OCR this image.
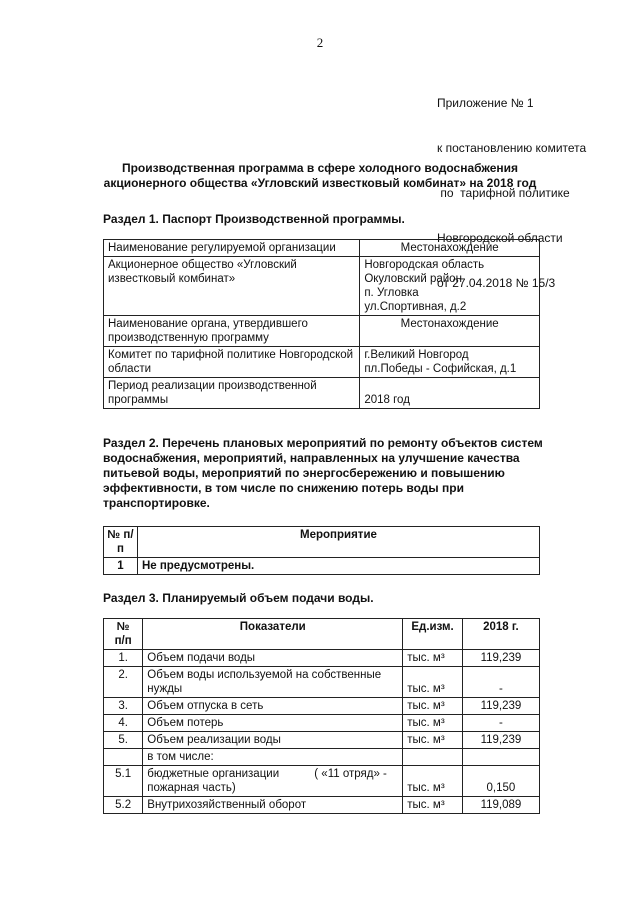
2

Приложение № 1

к постановлению комитета

по  тарифной политике

Новгородской области

от 27.04.2018 № 15/3

Производственная программа в сфере холодного водоснабжения
акционерного общества «Угловский известковый комбинат» на 2018 год
Раздел 1. Паспорт Производственной программы.
Наименование регулируемой организации	Местонахождение
Акционерное общество «Угловский известковый комбинат»	Новгородская область
Окуловский район
п. Угловка
ул.Спортивная, д.2

Наименование органа, утвердившего производственную программу	Местонахождение
Комитет по тарифной политике Новгородской области	г.Великий Новгород
пл.Победы - Софийская, д.1

Период реализации производственной программы	2018 год
Раздел 2. Перечень плановых мероприятий по ремонту объектов систем
водоснабжения, мероприятий, направленных на улучшение качества
питьевой воды, мероприятий по энергосбережению и повышению
эффективности, в том числе по снижению потерь воды при
транспортировке.
№ п/п	Мероприятие
1	Не предусмотрены.
Раздел 3. Планируемый объем подачи воды.
№ п/п	Показатели	Ед.изм.	2018 г.
1.	Объем подачи воды	тыс. м³	119,239
2.	Объем воды используемой на собственные нужды	тыс. м³	-
3.	Объем отпуска в сеть	тыс. м³	119,239
4.	Объем потерь	тыс. м³	-
5.	Объем реализации воды	тыс. м³	119,239
	в том числе:		
5.1	бюджетные организации           ( «11 отряд» - пожарная часть)	тыс. м³	0,150
5.2	Внутрихозяйственный оборот	тыс. м³	119,089
